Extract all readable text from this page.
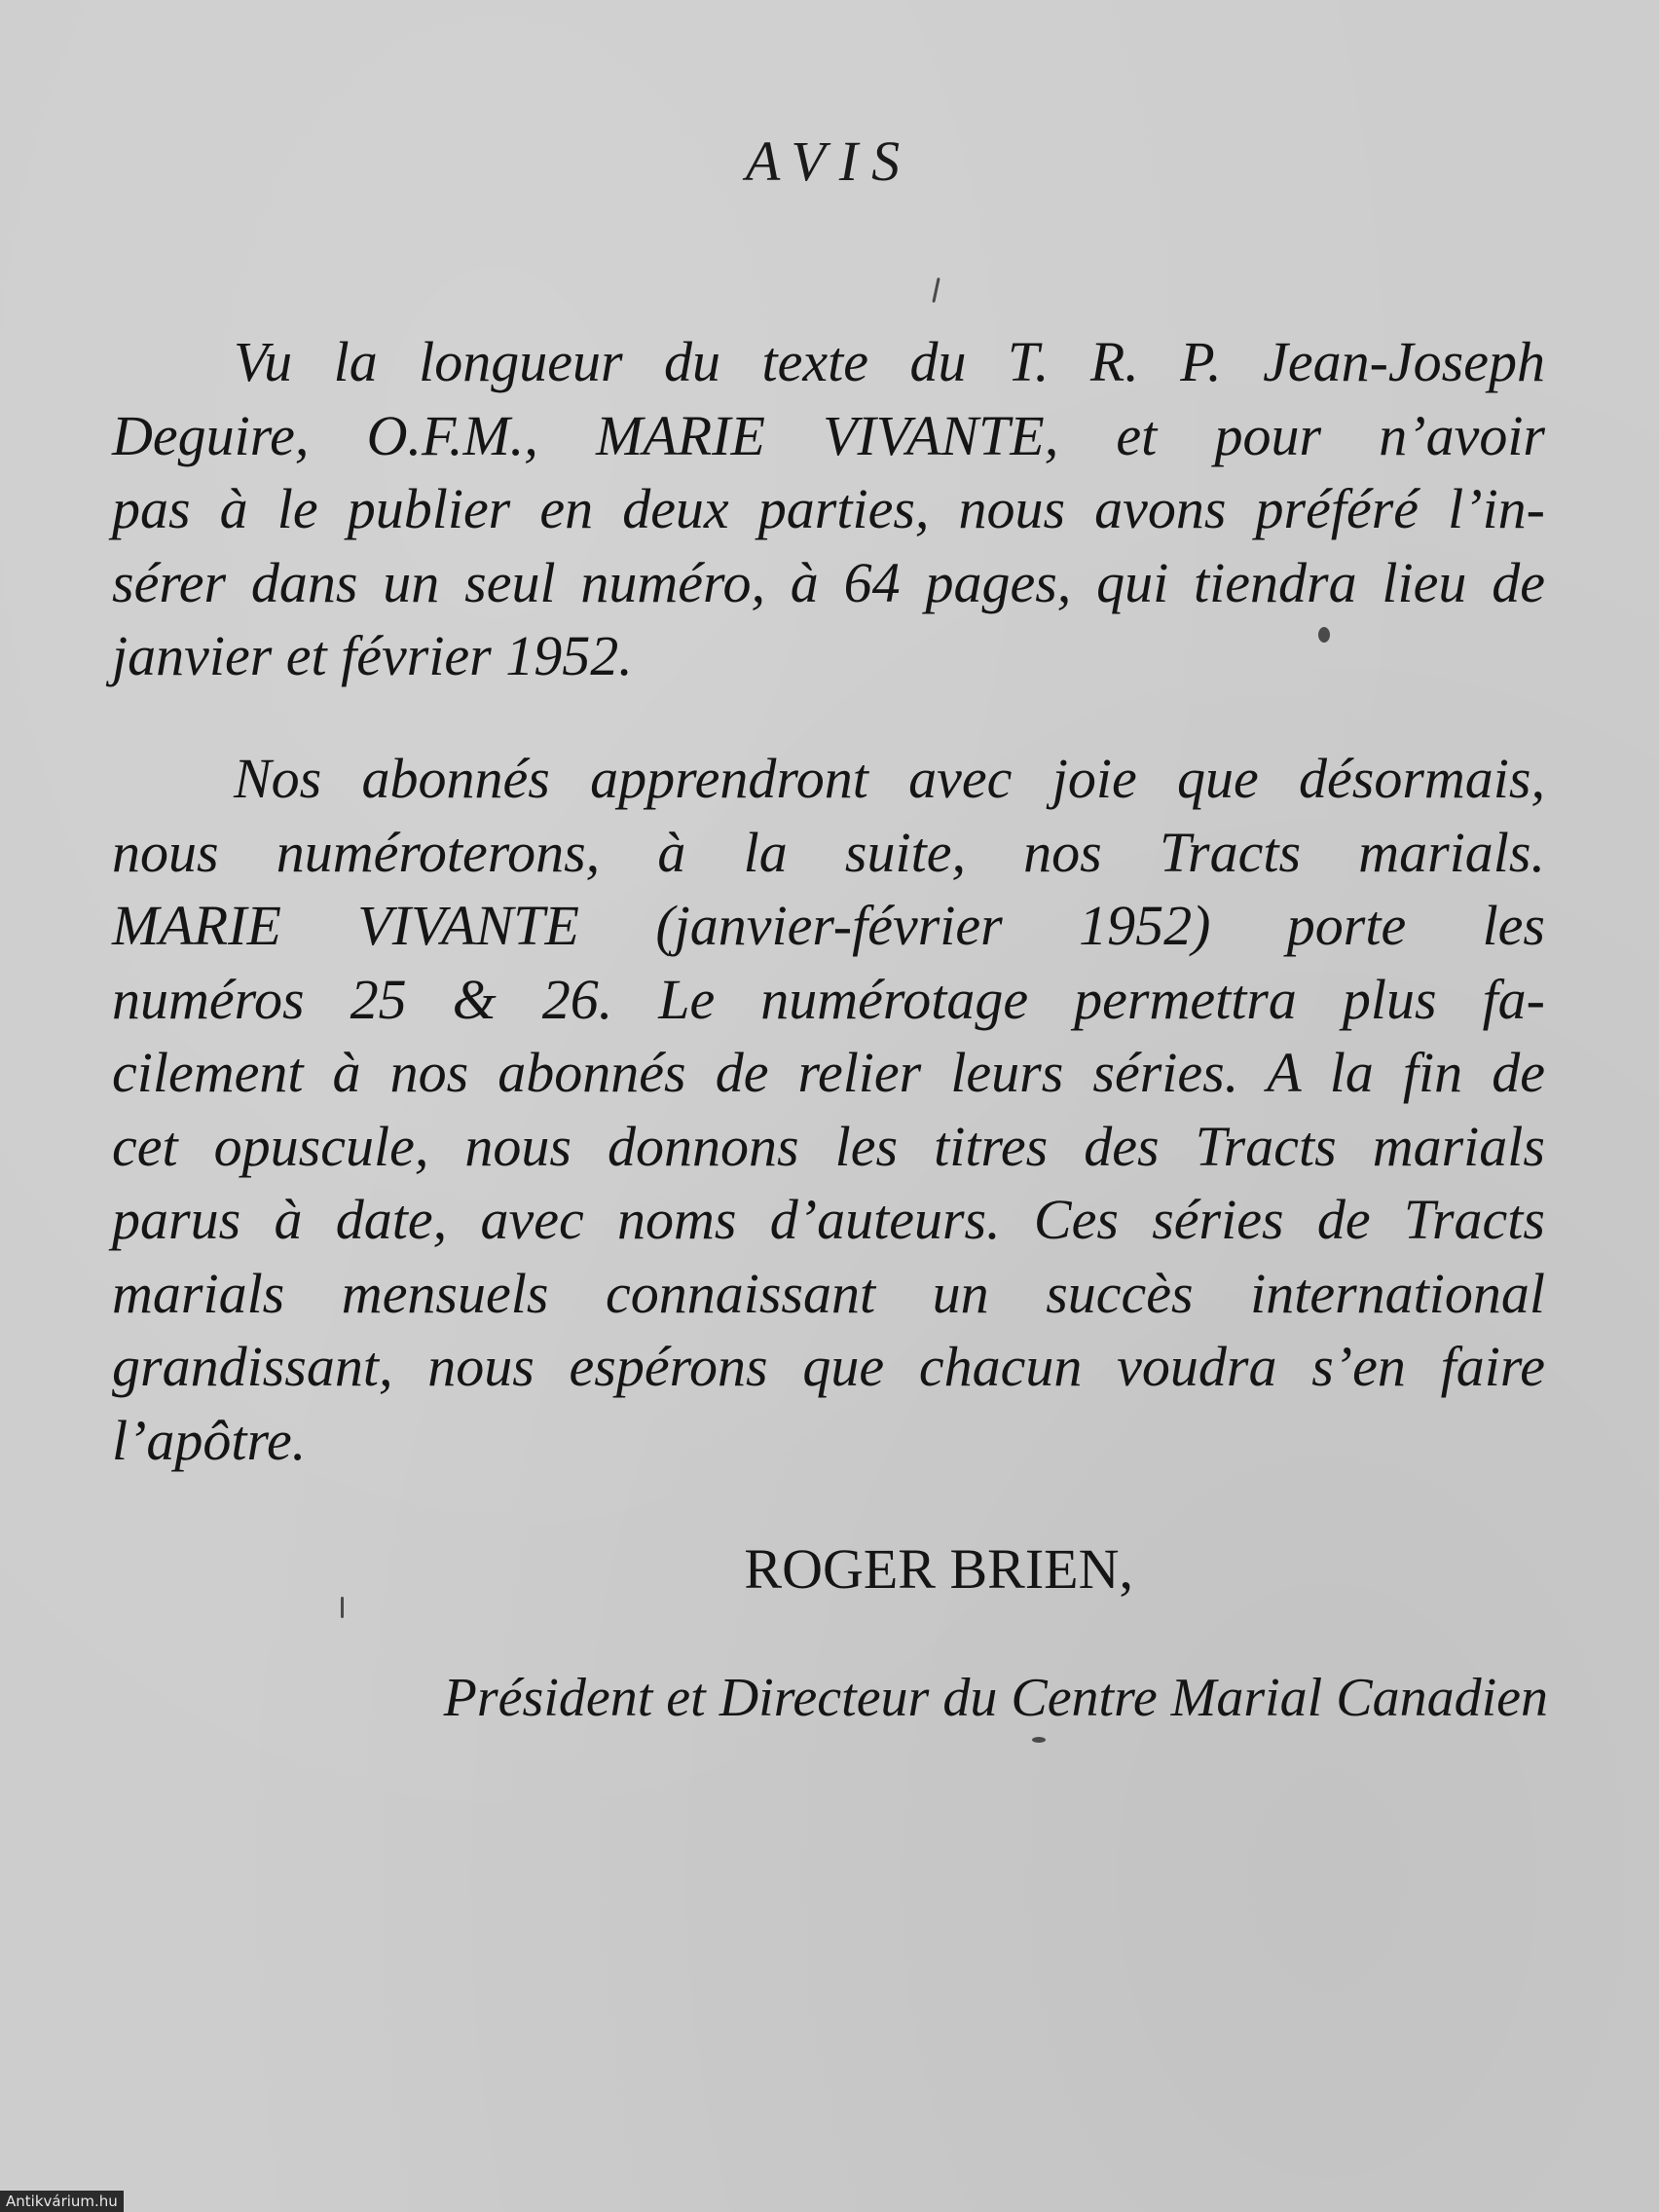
AVIS
Vu la longueur du texte du T. R. P. Jean-Joseph
Deguire, O.F.M., MARIE VIVANTE, et pour n’avoir
pas à le publier en deux parties, nous avons préféré l’in-
sérer dans un seul numéro, à 64 pages, qui tiendra lieu de
janvier et février 1952.
Nos abonnés apprendront avec joie que désormais,
nous numéroterons, à la suite, nos Tracts marials.
MARIE VIVANTE (janvier-février 1952) porte les
numéros 25 & 26. Le numérotage permettra plus fa-
cilement à nos abonnés de relier leurs séries. A la fin de
cet opuscule, nous donnons les titres des Tracts marials
parus à date, avec noms d’auteurs. Ces séries de Tracts
marials mensuels connaissant un succès international
grandissant, nous espérons que chacun voudra s’en faire
l’apôtre.
ROGER BRIEN,
Président et Directeur du Centre Marial Canadien
Antikvárium.hu
